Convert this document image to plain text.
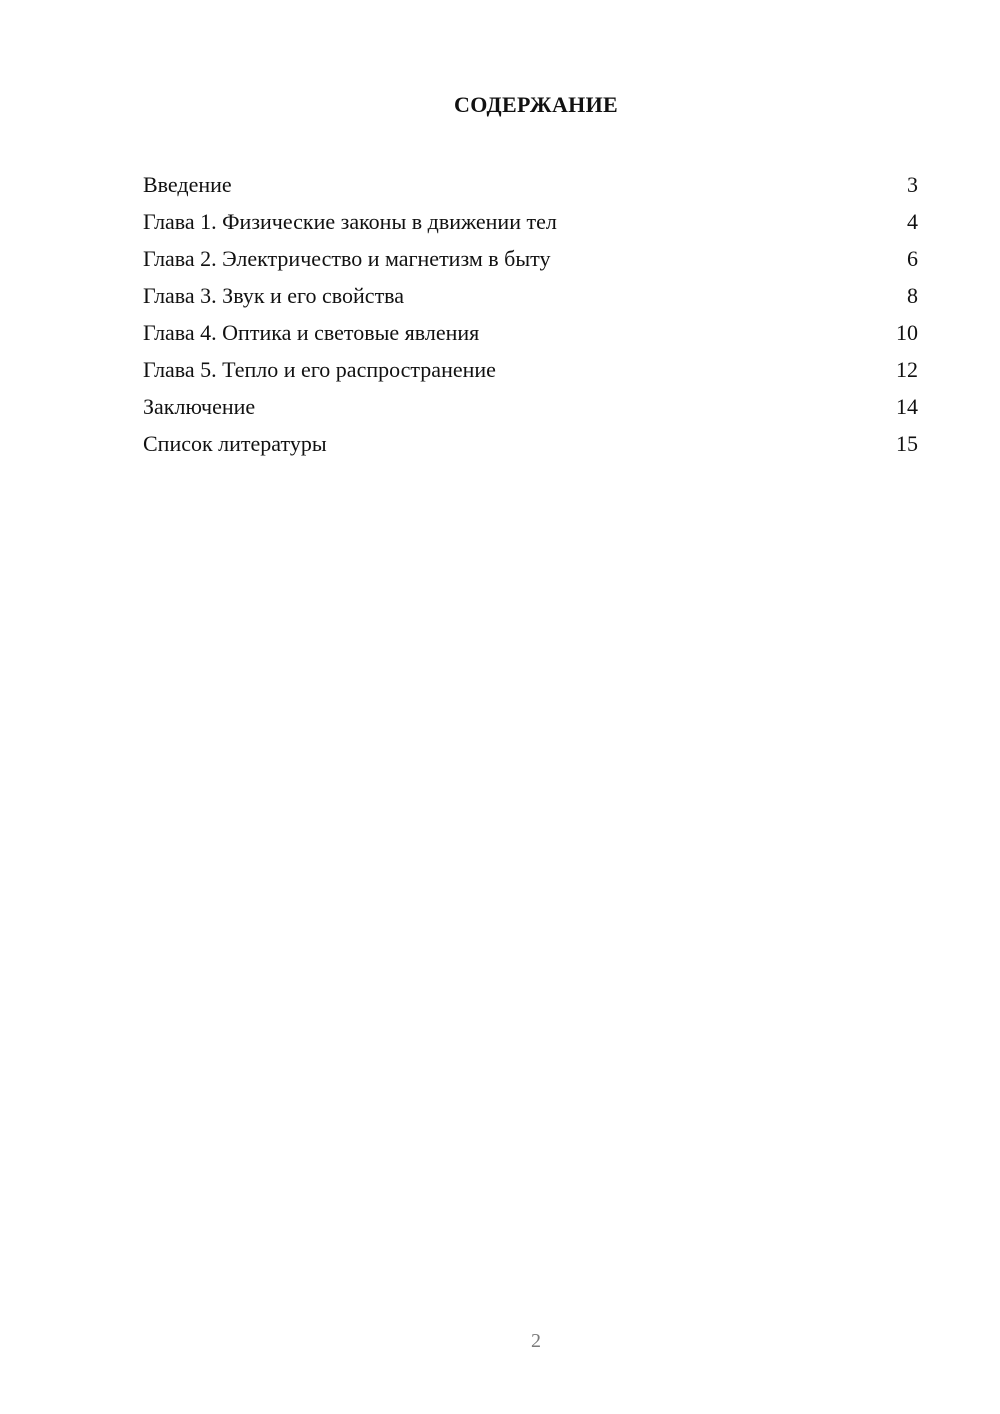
СОДЕРЖАНИЕ
Введение	3
Глава 1. Физические законы в движении тел	4
Глава 2. Электричество и магнетизм в быту	6
Глава 3. Звук и его свойства	8
Глава 4. Оптика и световые явления	10
Глава 5. Тепло и его распространение	12
Заключение	14
Список литературы	15
2
